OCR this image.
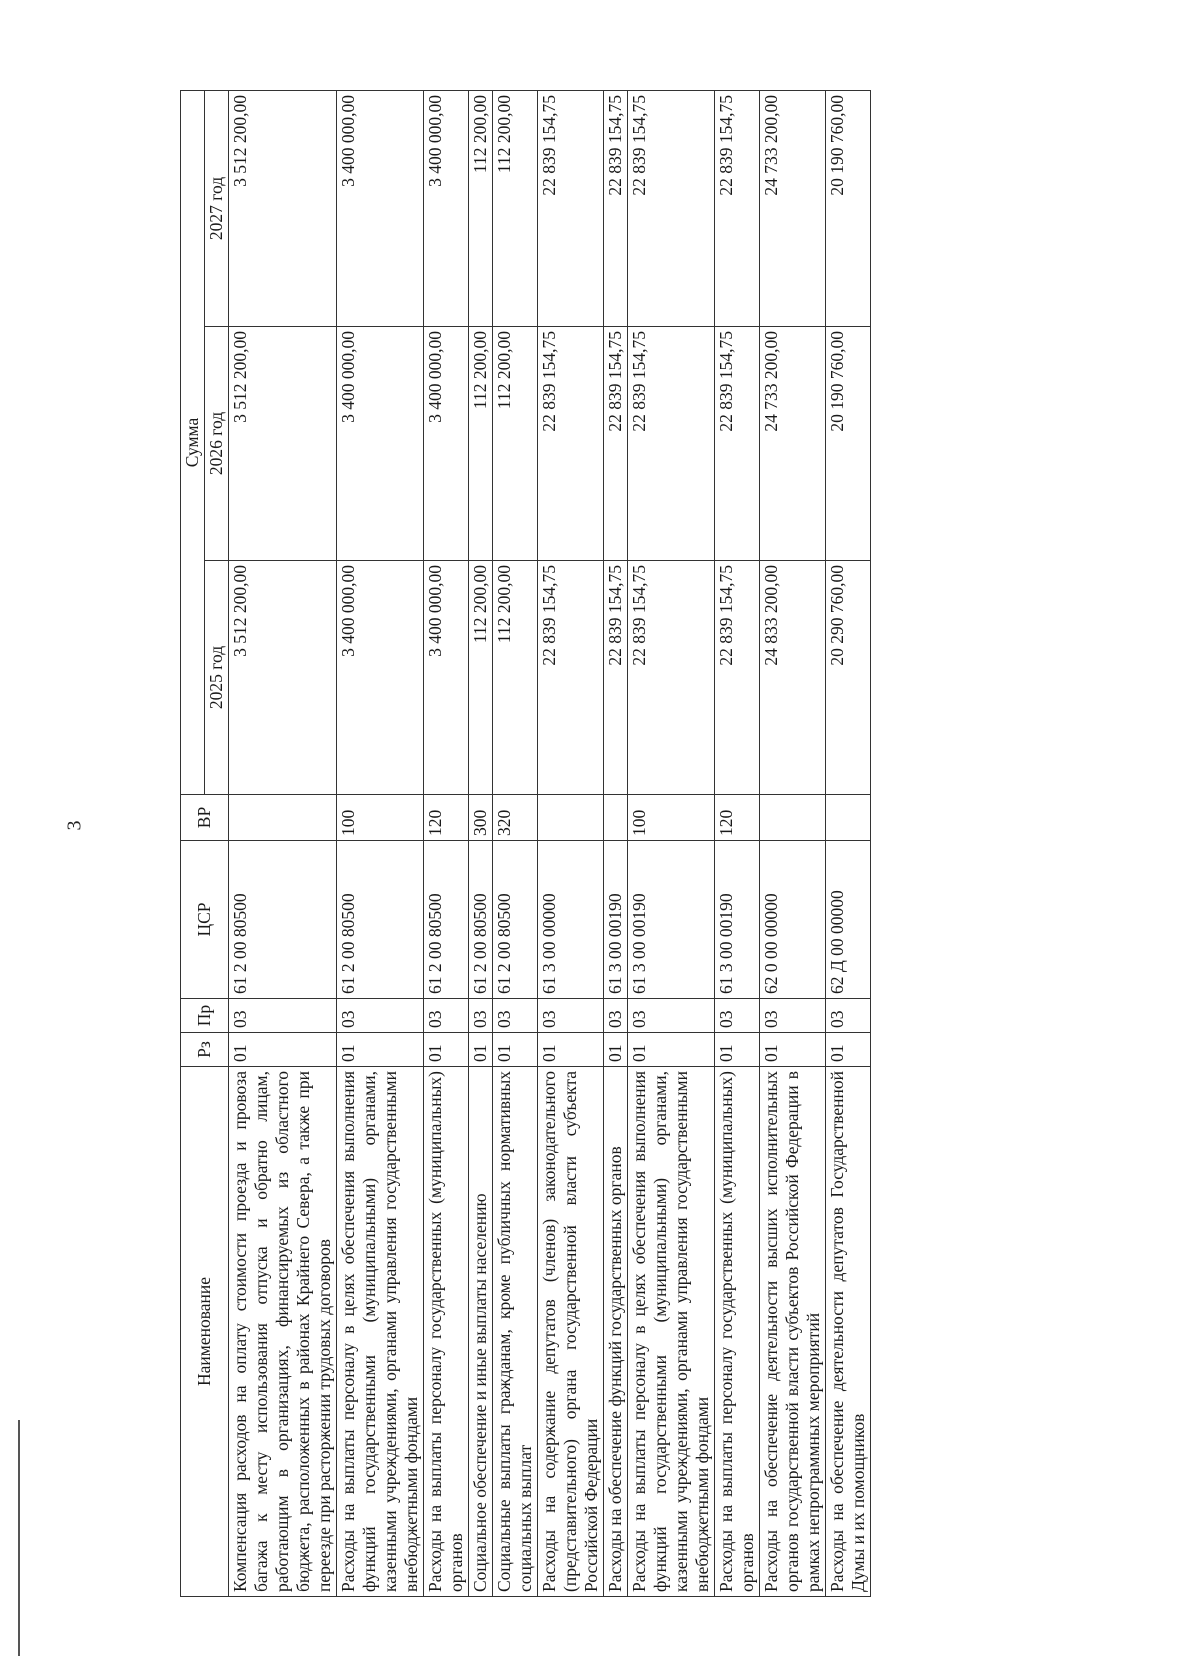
3
Наименование	Рз	Пр	ЦСР	ВР	Сумма		
					2025 год	2026 год	2027 год
Компенсация расходов на оплату стоимости проезда и провоза багажа к месту использования отпуска и обратно лицам, работающим в организациях, финансируемых из областного бюджета, расположенных в районах Крайнего Севера, а также при переезде при расторжении трудовых договоров	01	03	61 2 00 80500		3 512 200,00	3 512 200,00	3 512 200,00
Расходы на выплаты персоналу в целях обеспечения выполнения функций государственными (муниципальными) органами, казенными учреждениями, органами управления государственными внебюджетными фондами	01	03	61 2 00 80500	100	3 400 000,00	3 400 000,00	3 400 000,00
Расходы на выплаты персоналу государственных (муниципальных) органов	01	03	61 2 00 80500	120	3 400 000,00	3 400 000,00	3 400 000,00
Социальное обеспечение и иные выплаты населению	01	03	61 2 00 80500	300	112 200,00	112 200,00	112 200,00
Социальные выплаты гражданам, кроме публичных нормативных социальных выплат	01	03	61 2 00 80500	320	112 200,00	112 200,00	112 200,00
Расходы на содержание депутатов (членов) законодательного (представительного) органа государственной власти субъекта Российской Федерации	01	03	61 3 00 00000		22 839 154,75	22 839 154,75	22 839 154,75
Расходы на обеспечение функций государственных органов	01	03	61 3 00 00190		22 839 154,75	22 839 154,75	22 839 154,75
Расходы на выплаты персоналу в целях обеспечения выполнения функций государственными (муниципальными) органами, казенными учреждениями, органами управления государственными внебюджетными фондами	01	03	61 3 00 00190	100	22 839 154,75	22 839 154,75	22 839 154,75
Расходы на выплаты персоналу государственных (муниципальных) органов	01	03	61 3 00 00190	120	22 839 154,75	22 839 154,75	22 839 154,75
Расходы на обеспечение деятельности высших исполнительных органов государственной власти субъектов Российской Федерации в рамках непрограммных мероприятий	01	03	62 0 00 00000		24 833 200,00	24 733 200,00	24 733 200,00
Расходы на обеспечение деятельности депутатов Государственной Думы и их помощников	01	03	62 Д 00 00000		20 290 760,00	20 190 760,00	20 190 760,00
